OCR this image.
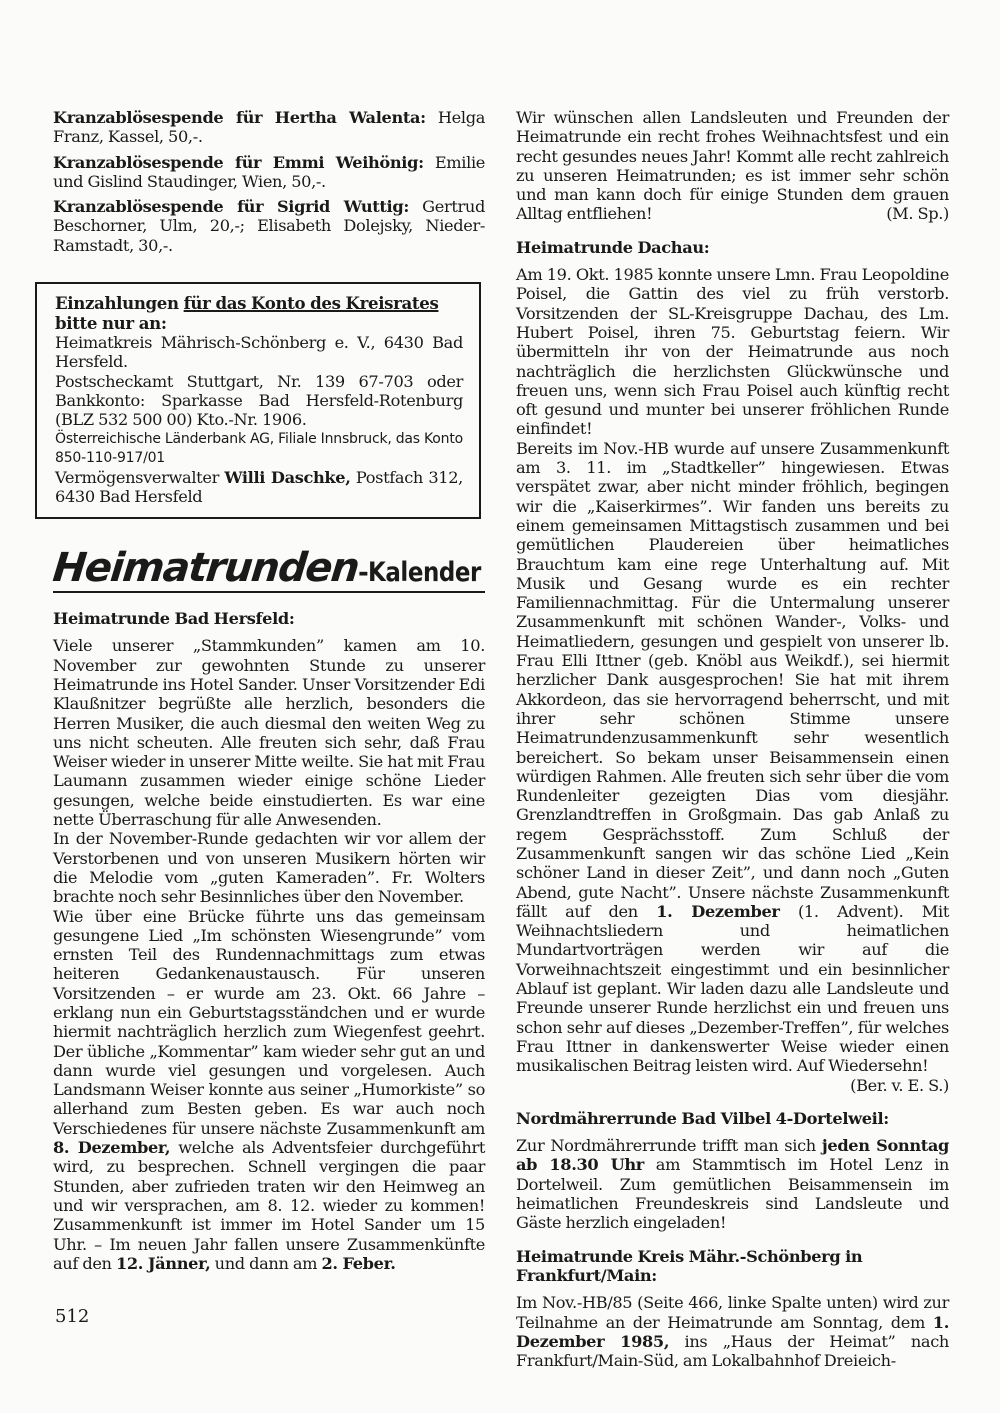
Kranzablösespende für Hertha Walenta: Helga Franz, Kassel, 50,-.

Kranzablösespende für Emmi Weihönig: Emilie und Gislind Staudinger, Wien, 50,-.

Kranzablösespende für Sigrid Wuttig: Gertrud Beschorner, Ulm, 20,-; Elisabeth Dolejsky, Nieder-Ramstadt, 30,-.

Einzahlungen für das Konto des Kreisrates
bitte nur an:

Heimatkreis Mährisch-Schönberg e. V., 6430 Bad Hersfeld.

Postscheckamt Stuttgart, Nr. 139 67-703 oder Bankkonto: Sparkasse Bad Hersfeld-Rotenburg (BLZ 532 500 00) Kto.-Nr. 1906.

Österreichische Länderbank AG, Filiale Innsbruck, das Konto 850-110-917/01

Vermögensverwalter Willi Daschke, Postfach 312, 6430 Bad Hersfeld

Heimatrunden-Kalender

Heimatrunde Bad Hersfeld:

Viele unserer „Stammkunden” kamen am 10. November zur gewohnten Stunde zu unserer Heimatrunde ins Hotel Sander. Unser Vorsitzender Edi Klaußnitzer begrüßte alle herzlich, besonders die Herren Musiker, die auch diesmal den weiten Weg zu uns nicht scheuten. Alle freuten sich sehr, daß Frau Weiser wieder in unserer Mitte weilte. Sie hat mit Frau Laumann zusammen wieder einige schöne Lieder gesungen, welche beide einstudierten. Es war eine nette Überraschung für alle Anwesenden.

In der November-Runde gedachten wir vor allem der Verstorbenen und von unseren Musikern hörten wir die Melodie vom „guten Kameraden”. Fr. Wolters brachte noch sehr Besinnliches über den November.

Wie über eine Brücke führte uns das gemeinsam gesungene Lied „Im schönsten Wiesengrunde” vom ernsten Teil des Rundennachmittags zum etwas heiteren Gedankenaustausch. Für unseren Vorsitzenden – er wurde am 23. Okt. 66 Jahre – erklang nun ein Geburtstagsständchen und er wurde hiermit nachträglich herzlich zum Wiegenfest geehrt. Der übliche „Kommentar” kam wieder sehr gut an und dann wurde viel gesungen und vorgelesen. Auch Landsmann Weiser konnte aus seiner „Humorkiste” so allerhand zum Besten geben. Es war auch noch Verschiedenes für unsere nächste Zusammenkunft am 8. Dezember, welche als Adventsfeier durchgeführt wird, zu besprechen. Schnell vergingen die paar Stunden, aber zufrieden traten wir den Heimweg an und wir versprachen, am 8. 12. wieder zu kommen! Zusammenkunft ist immer im Hotel Sander um 15 Uhr. – Im neuen Jahr fallen unsere Zusammenkünfte auf den 12. Jänner, und dann am 2. Feber.

Wir wünschen allen Landsleuten und Freunden der Heimatrunde ein recht frohes Weihnachtsfest und ein recht gesundes neues Jahr! Kommt alle recht zahlreich zu unseren Heimatrunden; es ist immer sehr schön und man kann doch für einige Stunden dem grauen Alltag entfliehen!	(M. Sp.)

Heimatrunde Dachau:

Am 19. Okt. 1985 konnte unsere Lmn. Frau Leopoldine Poisel, die Gattin des viel zu früh verstorb. Vorsitzenden der SL-Kreisgruppe Dachau, des Lm. Hubert Poisel, ihren 75. Geburtstag feiern. Wir übermitteln ihr von der Heimatrunde aus noch nachträglich die herzlichsten Glückwünsche und freuen uns, wenn sich Frau Poisel auch künftig recht oft gesund und munter bei unserer fröhlichen Runde einfindet!

Bereits im Nov.-HB wurde auf unsere Zusammenkunft am 3. 11. im „Stadtkeller” hingewiesen. Etwas verspätet zwar, aber nicht minder fröhlich, begingen wir die „Kaiserkirmes”. Wir fanden uns bereits zu einem gemeinsamen Mittagstisch zusammen und bei gemütlichen Plaudereien über heimatliches Brauchtum kam eine rege Unterhaltung auf. Mit Musik und Gesang wurde es ein rechter Familiennachmittag. Für die Untermalung unserer Zusammenkunft mit schönen Wander-, Volks- und Heimatliedern, gesungen und gespielt von unserer lb. Frau Elli Ittner (geb. Knöbl aus Weikdf.), sei hiermit herzlicher Dank ausgesprochen! Sie hat mit ihrem Akkordeon, das sie hervorragend beherrscht, und mit ihrer sehr schönen Stimme unsere Heimatrundenzusammenkunft sehr wesentlich bereichert. So bekam unser Beisammensein einen würdigen Rahmen. Alle freuten sich sehr über die vom Rundenleiter gezeigten Dias vom diesjähr. Grenzlandtreffen in Großgmain. Das gab Anlaß zu regem Gesprächsstoff. Zum Schluß der Zusammenkunft sangen wir das schöne Lied „Kein schöner Land in dieser Zeit”, und dann noch „Guten Abend, gute Nacht”. Unsere nächste Zusammenkunft fällt auf den 1. Dezember (1. Advent). Mit Weihnachtsliedern und heimatlichen Mundartvorträgen werden wir auf die Vorweihnachtszeit eingestimmt und ein besinnlicher Ablauf ist geplant. Wir laden dazu alle Landsleute und Freunde unserer Runde herzlichst ein und freuen uns schon sehr auf dieses „Dezember-Treffen”, für welches Frau Ittner in dankenswerter Weise wieder einen musikalischen Beitrag leisten wird. Auf Wiedersehn!
(Ber. v. E. S.)

Nordmährerrunde Bad Vilbel 4-Dortelweil:

Zur Nordmährerrunde trifft man sich jeden Sonntag ab 18.30 Uhr am Stammtisch im Hotel Lenz in Dortelweil. Zum gemütlichen Beisammensein im heimatlichen Freundeskreis sind Landsleute und Gäste herzlich eingeladen!

Heimatrunde Kreis Mähr.-Schönberg in Frankfurt/Main:

Im Nov.-HB/85 (Seite 466, linke Spalte unten) wird zur Teilnahme an der Heimatrunde am Sonntag, dem 1. Dezember 1985, ins „Haus der Heimat” nach Frankfurt/Main-Süd, am Lokalbahnhof Dreieich-

512
